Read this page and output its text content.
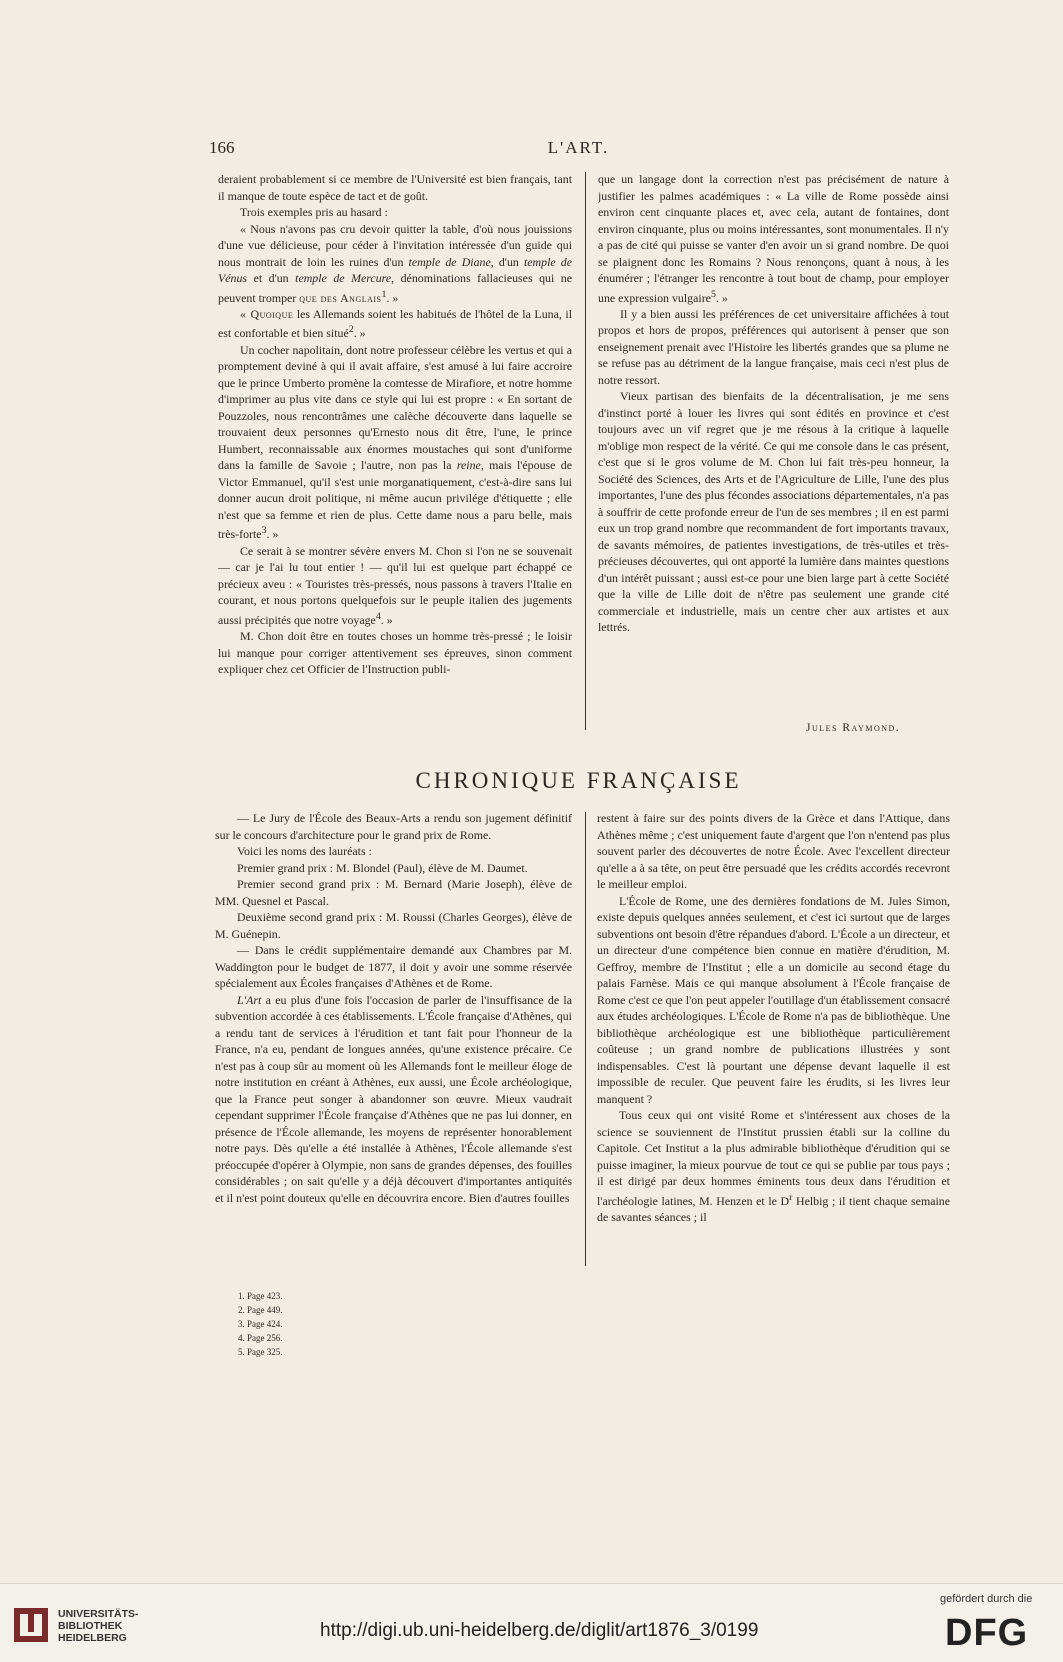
166	L'ART.

deraient probablement si ce membre de l'Université est bien français, tant il manque de toute espèce de tact et de goût.

Trois exemples pris au hasard :

« Nous n'avons pas cru devoir quitter la table, d'où nous jouissions d'une vue délicieuse, pour céder à l'invitation intéressée d'un guide qui nous montrait de loin les ruines d'un temple de Diane, d'un temple de Vénus et d'un temple de Mercure, dénominations fallacieuses qui ne peuvent tromper que des Anglais$^1$. »

« Quoique les Allemands soient les habitués de l'hôtel de la Luna, il est confortable et bien situé$^2$. »

Un cocher napolitain, dont notre professeur célèbre les vertus et qui a promptement deviné à qui il avait affaire, s'est amusé à lui faire accroire que le prince Umberto promène la comtesse de Mirafiore, et notre homme d'imprimer au plus vite dans ce style qui lui est propre : « En sortant de Pouzzoles, nous rencontrâmes une calèche découverte dans laquelle se trouvaient deux personnes qu'Ernesto nous dit être, l'une, le prince Humbert, reconnaissable aux énormes moustaches qui sont d'uniforme dans la famille de Savoie ; l'autre, non pas la reine, mais l'épouse de Victor Emmanuel, qu'il s'est unie morganatiquement, c'est-à-dire sans lui donner aucun droit politique, ni même aucun privilége d'étiquette ; elle n'est que sa femme et rien de plus. Cette dame nous a paru belle, mais très-forte$^3$. »

Ce serait à se montrer sévère envers M. Chon si l'on ne se souvenait — car je l'ai lu tout entier ! — qu'il lui est quelque part échappé ce précieux aveu : « Touristes très-pressés, nous passons à travers l'Italie en courant, et nous portons quelquefois sur le peuple italien des jugements aussi précipités que notre voyage$^4$. »

M. Chon doit être en toutes choses un homme très-pressé ; le loisir lui manque pour corriger attentivement ses épreuves, sinon comment expliquer chez cet Officier de l'Instruction publi-

que un langage dont la correction n'est pas précisément de nature à justifier les palmes académiques : « La ville de Rome possède ainsi environ cent cinquante places et, avec cela, autant de fontaines, dont environ cinquante, plus ou moins intéressantes, sont monumentales. Il n'y a pas de cité qui puisse se vanter d'en avoir un si grand nombre. De quoi se plaignent donc les Romains ? Nous renonçons, quant à nous, à les énumérer ; l'étranger les rencontre à tout bout de champ, pour employer une expression vulgaire$^5$. »

Il y a bien aussi les préférences de cet universitaire affichées à tout propos et hors de propos, préférences qui autorisent à penser que son enseignement prenait avec l'Histoire les libertés grandes que sa plume ne se refuse pas au détriment de la langue française, mais ceci n'est plus de notre ressort.

Vieux partisan des bienfaits de la décentralisation, je me sens d'instinct porté à louer les livres qui sont édités en province et c'est toujours avec un vif regret que je me résous à la critique à laquelle m'oblige mon respect de la vérité. Ce qui me console dans le cas présent, c'est que si le gros volume de M. Chon lui fait très-peu honneur, la Société des Sciences, des Arts et de l'Agriculture de Lille, l'une des plus importantes, l'une des plus fécondes associations départementales, n'a pas à souffrir de cette profonde erreur de l'un de ses membres ; il en est parmi eux un trop grand nombre que recommandent de fort importants travaux, de savants mémoires, de patientes investigations, de très-utiles et très-précieuses découvertes, qui ont apporté la lumière dans maintes questions d'un intérêt puissant ; aussi est-ce pour une bien large part à cette Société que la ville de Lille doit de n'être pas seulement une grande cité commerciale et industrielle, mais un centre cher aux artistes et aux lettrés.

Jules Raymond.
CHRONIQUE FRANÇAISE

— Le Jury de l'École des Beaux-Arts a rendu son jugement définitif sur le concours d'architecture pour le grand prix de Rome.

Voici les noms des lauréats :

Premier grand prix : M. Blondel (Paul), élève de M. Daumet.

Premier second grand prix : M. Bernard (Marie Joseph), élève de MM. Quesnel et Pascal.

Deuxième second grand prix : M. Roussi (Charles Georges), élève de M. Guénepin.

— Dans le crédit supplémentaire demandé aux Chambres par M. Waddington pour le budget de 1877, il doit y avoir une somme réservée spécialement aux Écoles françaises d'Athènes et de Rome.

L'Art a eu plus d'une fois l'occasion de parler de l'insuffisance de la subvention accordée à ces établissements. L'École française d'Athènes, qui a rendu tant de services à l'érudition et tant fait pour l'honneur de la France, n'a eu, pendant de longues années, qu'une existence précaire. Ce n'est pas à coup sûr au moment où les Allemands font le meilleur éloge de notre institution en créant à Athènes, eux aussi, une École archéologique, que la France peut songer à abandonner son œuvre. Mieux vaudrait cependant supprimer l'École française d'Athènes que ne pas lui donner, en présence de l'École allemande, les moyens de représenter honorablement notre pays. Dès qu'elle a été installée à Athènes, l'École allemande s'est préoccupée d'opérer à Olympie, non sans de grandes dépenses, des fouilles considérables ; on sait qu'elle y a déjà découvert d'importantes antiquités et il n'est point douteux qu'elle en découvrira encore. Bien d'autres fouilles

restent à faire sur des points divers de la Grèce et dans l'Attique, dans Athènes même ; c'est uniquement faute d'argent que l'on n'entend pas plus souvent parler des découvertes de notre École. Avec l'excellent directeur qu'elle a à sa tête, on peut être persuadé que les crédits accordés recevront le meilleur emploi.

L'École de Rome, une des dernières fondations de M. Jules Simon, existe depuis quelques années seulement, et c'est ici surtout que de larges subventions ont besoin d'être répandues d'abord. L'École a un directeur, et un directeur d'une compétence bien connue en matière d'érudition, M. Geffroy, membre de l'Institut ; elle a un domicile au second étage du palais Farnèse. Mais ce qui manque absolument à l'École française de Rome c'est ce que l'on peut appeler l'outillage d'un établissement consacré aux études archéologiques. L'École de Rome n'a pas de bibliothèque. Une bibliothèque archéologique est une bibliothèque particulièrement coûteuse ; un grand nombre de publications illustrées y sont indispensables. C'est là pourtant une dépense devant laquelle il est impossible de reculer. Que peuvent faire les érudits, si les livres leur manquent ?

Tous ceux qui ont visité Rome et s'intéressent aux choses de la science se souviennent de l'Institut prussien établi sur la colline du Capitole. Cet Institut a la plus admirable bibliothèque d'érudition qui se puisse imaginer, la mieux pourvue de tout ce qui se publie par tous pays ; il est dirigé par deux hommes éminents tous deux dans l'érudition et l'archéologie latines, M. Henzen et le $D^r$ Helbig ; il tient chaque semaine de savantes séances ; il

1. Page 423.
2. Page 449.
3. Page 424.
4. Page 256.
5. Page 325.
UNIVERSITÄTS-
BIBLIOTHEK
HEIDELBERG	http://digi.ub.uni-heidelberg.de/diglit/art1876_3/0199
gefördert durch die
DFG
